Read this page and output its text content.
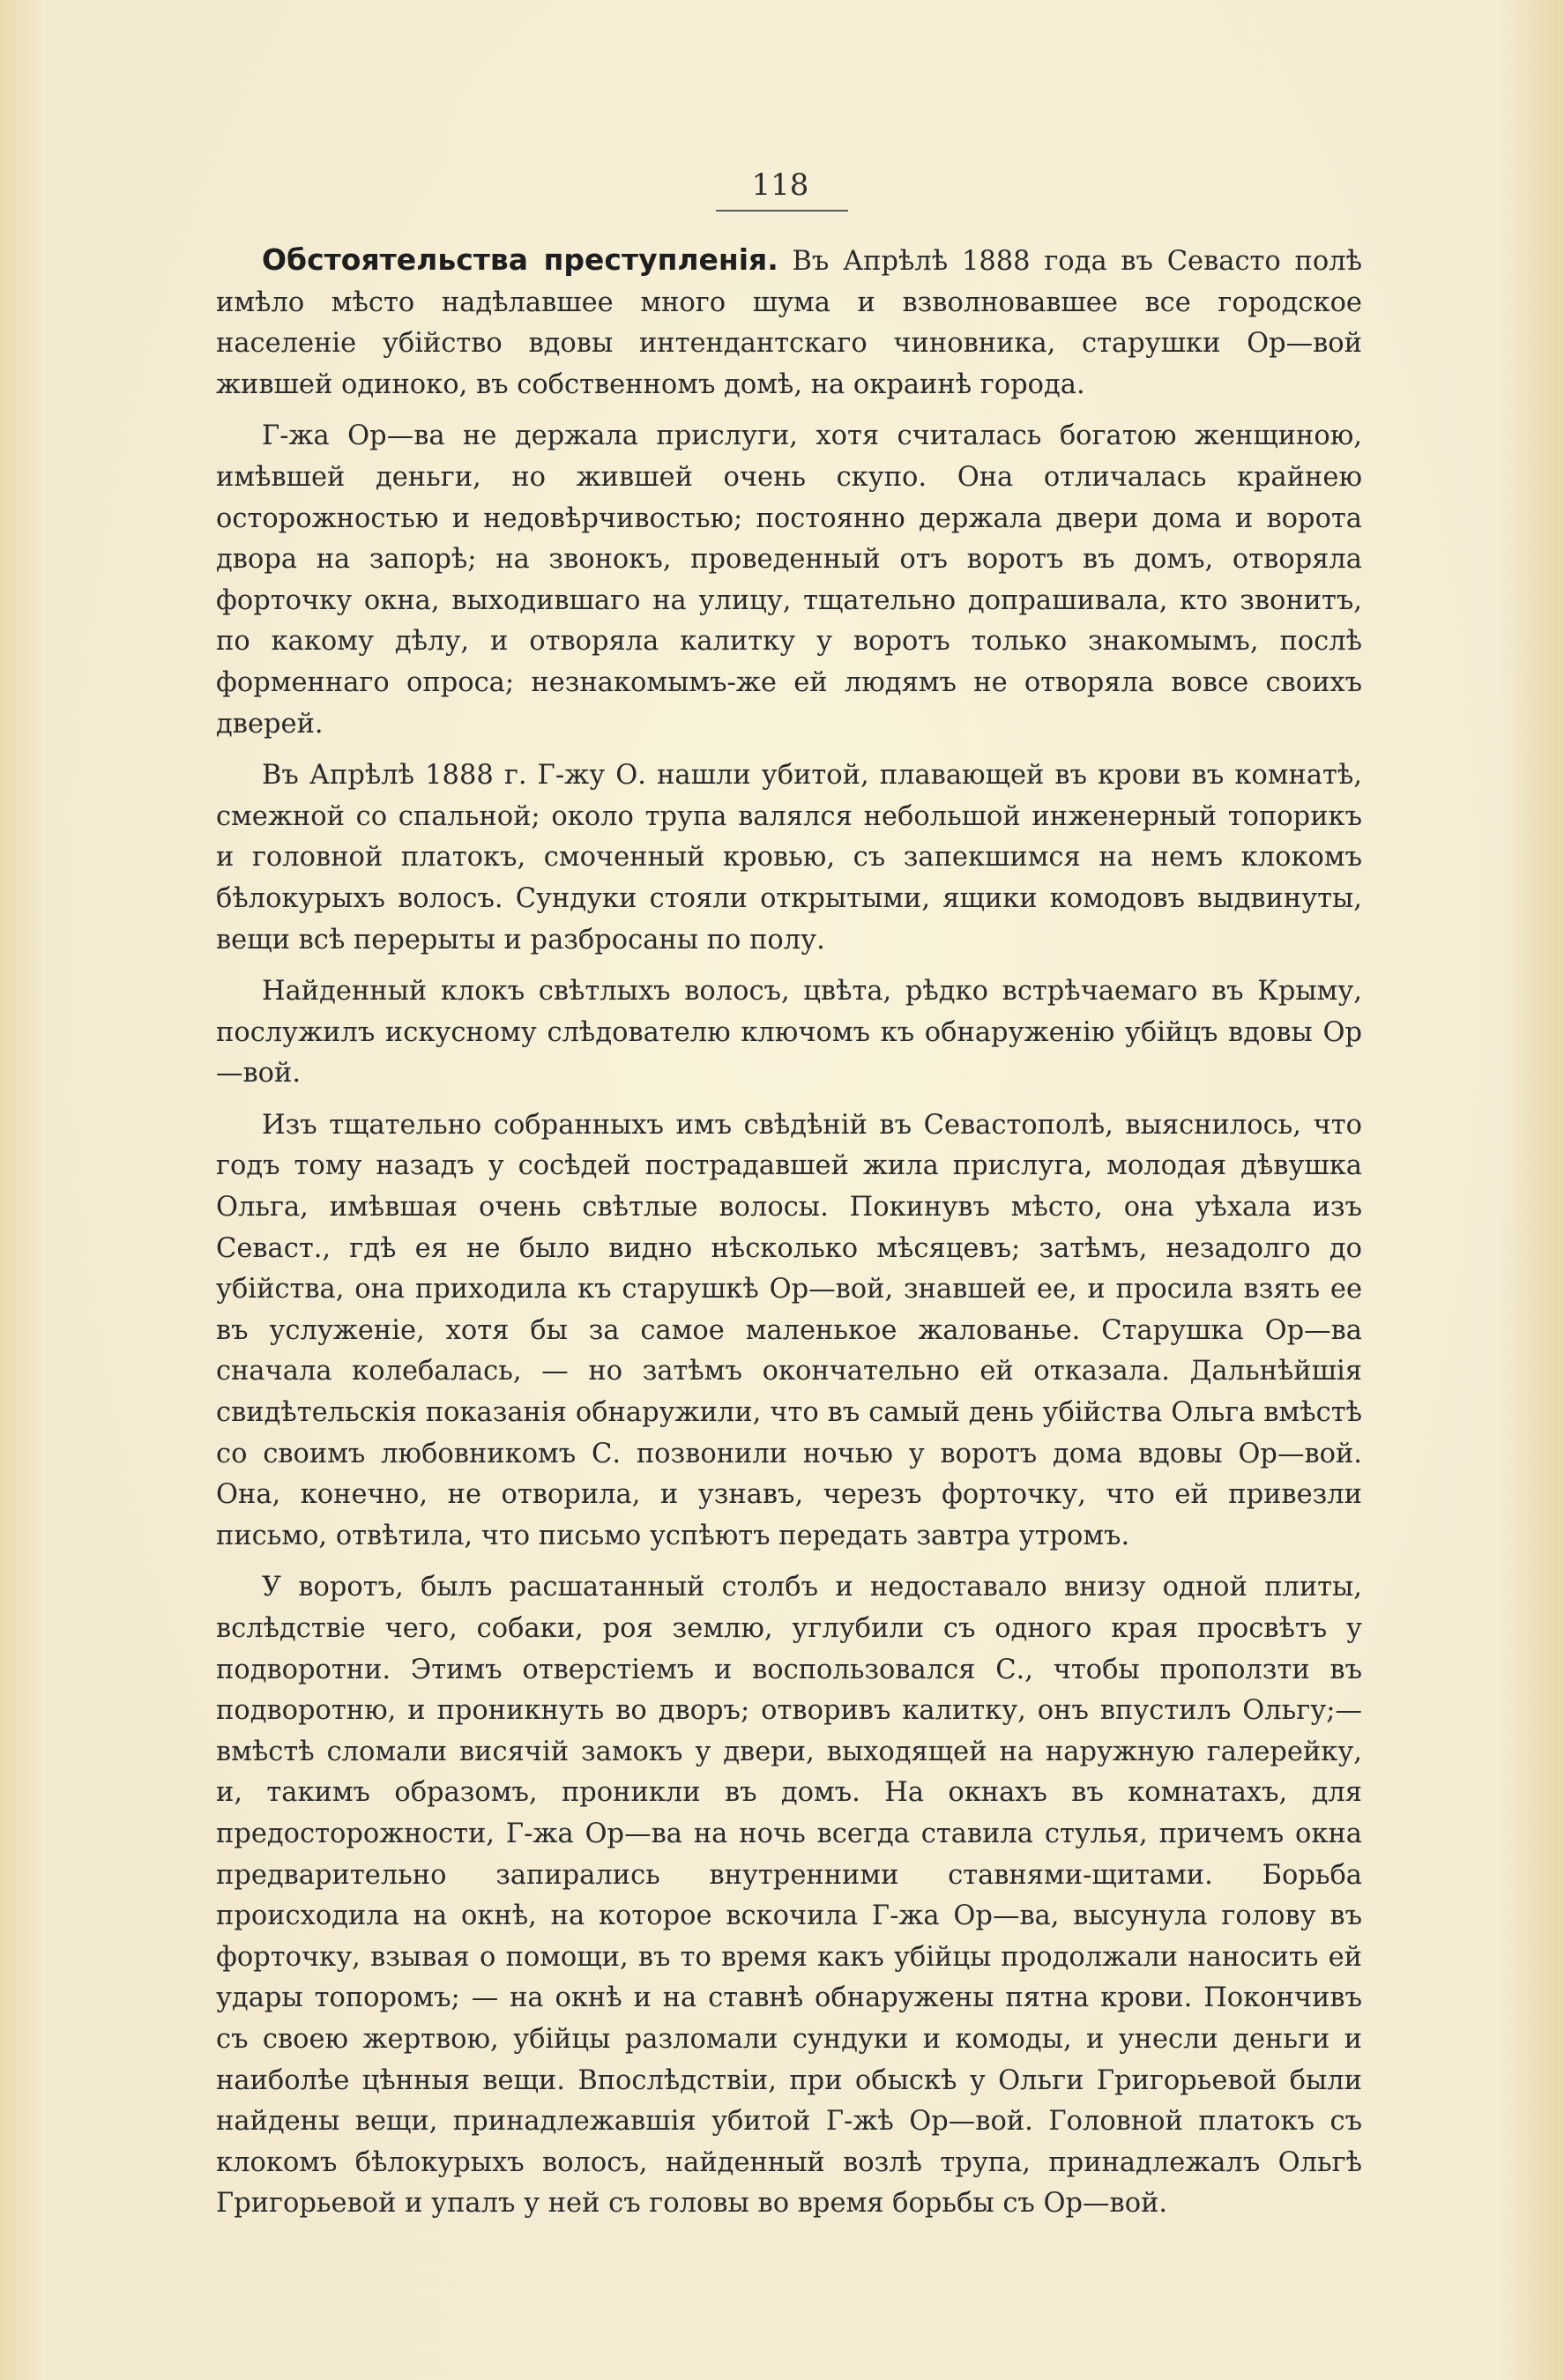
118

Обстоятельства преступленія. Въ Апрѣлѣ 1888 года въ Севасто полѣ имѣло мѣсто надѣлавшее много шума и взволновавшее все городское населеніе убійство вдовы интендантскаго чиновника, старушки Ор—вой жившей одиноко, въ собственномъ домѣ, на окраинѣ города.

Г-жа Ор—ва не держала прислуги, хотя считалась богатою женщиною, имѣвшей деньги, но жившей очень скупо. Она отличалась крайнею осторожностью и недовѣрчивостью; постоянно держала двери дома и ворота двора на запорѣ; на звонокъ, проведенный отъ воротъ въ домъ, отворяла форточку окна, выходившаго на улицу, тщательно допрашивала, кто звонитъ, по какому дѣлу, и отворяла калитку у воротъ только знакомымъ, послѣ форменнаго опроса; незнакомымъ-же ей людямъ не отворяла вовсе своихъ дверей.

Въ Апрѣлѣ 1888 г. Г-жу О. нашли убитой, плавающей въ крови въ комнатѣ, смежной со спальной; около трупа валялся небольшой инженерный топорикъ и головной платокъ, смоченный кровью, съ запекшимся на немъ клокомъ бѣлокурыхъ волосъ. Сундуки стояли открытыми, ящики комодовъ выдвинуты, вещи всѣ перерыты и разбросаны по полу.

Найденный клокъ свѣтлыхъ волосъ, цвѣта, рѣдко встрѣчаемаго въ Крыму, послужилъ искусному слѣдователю ключомъ къ обнаруженію убійцъ вдовы Ор—вой.

Изъ тщательно собранныхъ имъ свѣдѣній въ Севастополѣ, выяснилось, что годъ тому назадъ у сосѣдей пострадавшей жила прислуга, молодая дѣвушка Ольга, имѣвшая очень свѣтлые волосы. Покинувъ мѣсто, она уѣхала изъ Севаст., гдѣ ея не было видно нѣсколько мѣсяцевъ; затѣмъ, незадолго до убійства, она приходила къ старушкѣ Ор—вой, знавшей ее, и просила взять ее въ услуженіе, хотя бы за самое маленькое жалованье. Старушка Ор—ва сначала колебалась, — но затѣмъ окончательно ей отказала. Дальнѣйшія свидѣтельскія показанія обнаружили, что въ самый день убійства Ольга вмѣстѣ со своимъ любовникомъ С. позвонили ночью у воротъ дома вдовы Ор—вой. Она, конечно, не отворила, и узнавъ, черезъ форточку, что ей привезли письмо, отвѣтила, что письмо успѣютъ передать завтра утромъ.

У воротъ, былъ расшатанный столбъ и недоставало внизу одной плиты, вслѣдствіе чего, собаки, роя землю, углубили съ одного края просвѣтъ у подворотни. Этимъ отверстіемъ и воспользовался С., чтобы проползти въ подворотню, и проникнуть во дворъ; отворивъ калитку, онъ впустилъ Ольгу;— вмѣстѣ сломали висячій замокъ у двери, выходящей на наружную галерейку, и, такимъ образомъ, проникли въ домъ. На окнахъ въ комнатахъ, для предосторожности, Г-жа Ор—ва на ночь всегда ставила стулья, причемъ окна предварительно запирались внутренними ставнями-щитами. Борьба происходила на окнѣ, на которое вскочила Г-жа Ор—ва, высунула голову въ форточку, взывая о помощи, въ то время какъ убійцы продолжали наносить ей удары топоромъ; — на окнѣ и на ставнѣ обнаружены пятна крови. Покончивъ съ своею жертвою, убійцы разломали сундуки и комоды, и унесли деньги и наиболѣе цѣнныя вещи. Впослѣдствіи, при обыскѣ у Ольги Григорьевой были найдены вещи, принадлежавшія убитой Г-жѣ Ор—вой. Головной платокъ съ клокомъ бѣлокурыхъ волосъ, найденный возлѣ трупа, принадлежалъ Ольгѣ Григорьевой и упалъ у ней съ головы во время борьбы съ Ор—вой.
